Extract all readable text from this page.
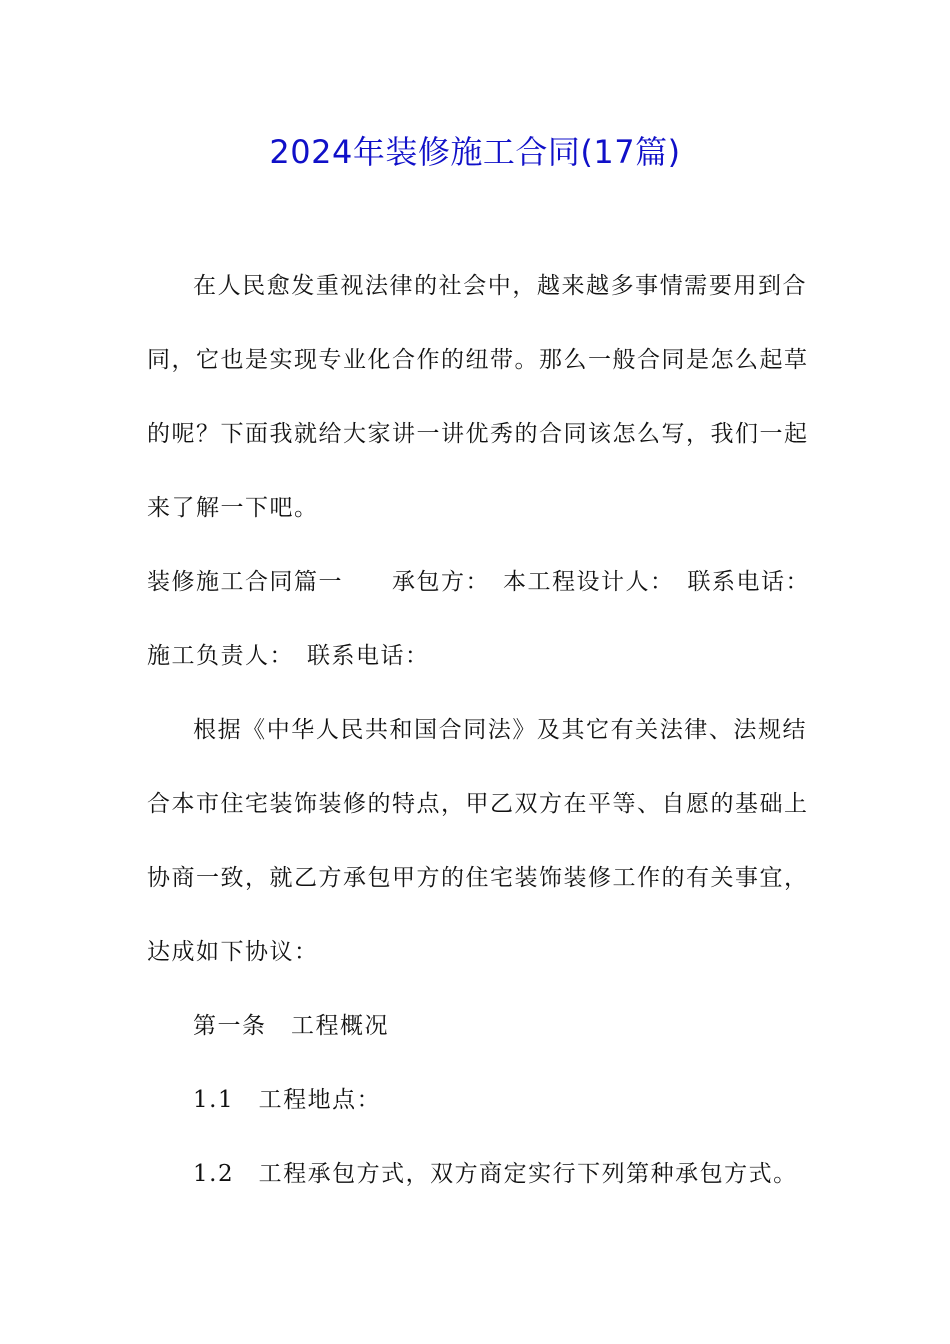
2024年装修施工合同(17篇)
在人民愈发重视法律的社会中，越来越多事情需要用到合
同，它也是实现专业化合作的纽带。那么一般合同是怎么起草
的呢？下面我就给大家讲一讲优秀的合同该怎么写，我们一起
来了解一下吧。
装修施工合同篇一　　承包方：　本工程设计人：　联系电话：
施工负责人：　联系电话：
根据《中华人民共和国合同法》及其它有关法律、法规结
合本市住宅装饰装修的特点，甲乙双方在平等、自愿的基础上
协商一致，就乙方承包甲方的住宅装饰装修工作的有关事宜，
达成如下协议：
第一条　工程概况
1.1　工程地点：
1.2　工程承包方式，双方商定实行下列第种承包方式。
